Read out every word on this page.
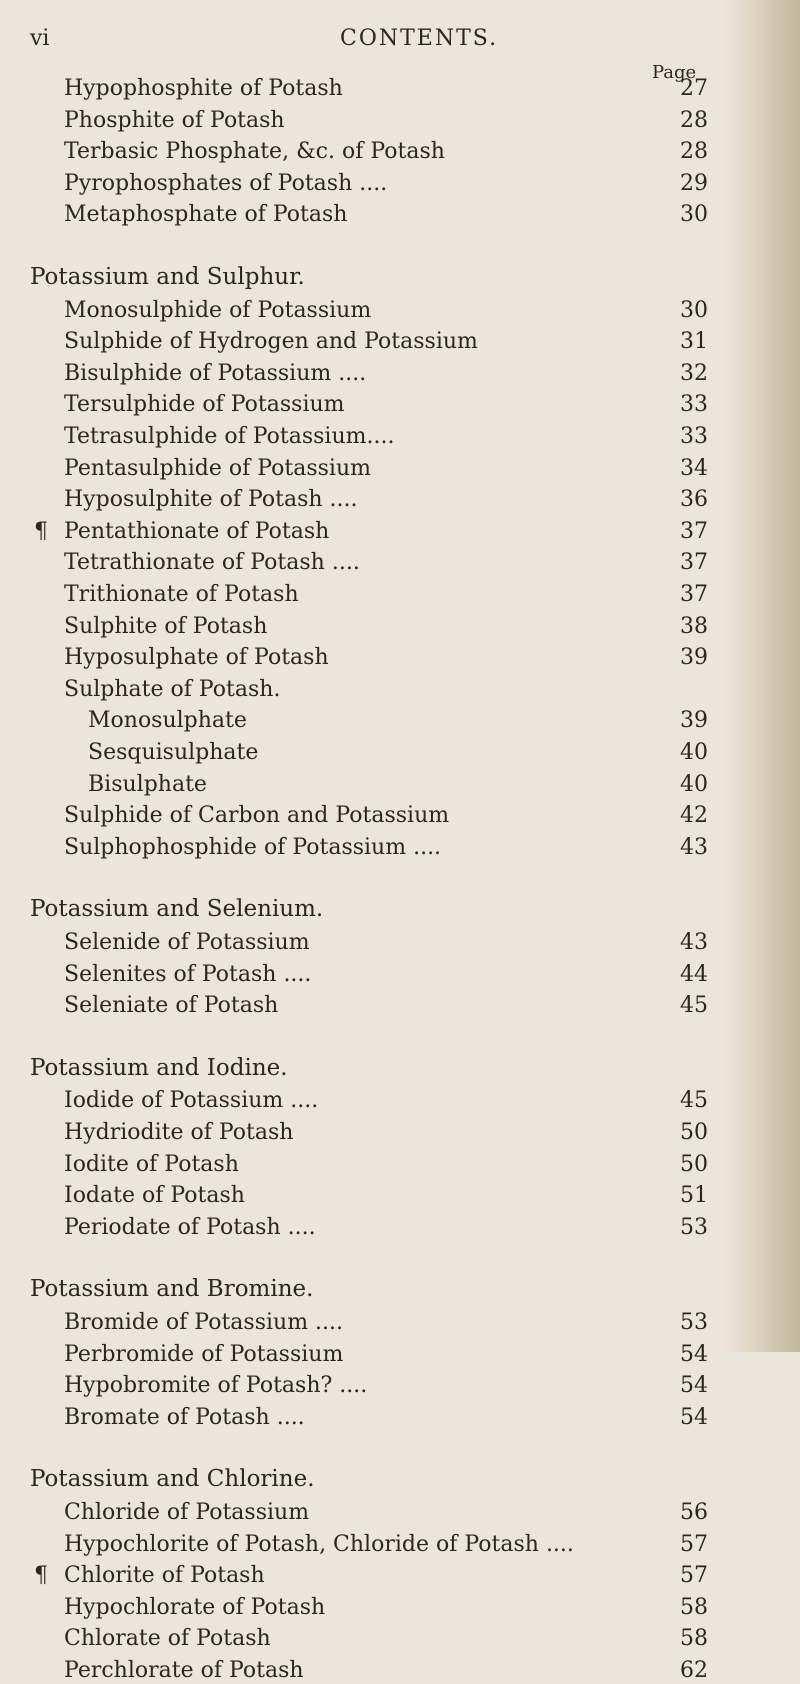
vi	CONTENTS.
Page
Hypophosphite of Potash	27
Phosphite of Potash	28
Terbasic Phosphate, &c. of Potash	28
Pyrophosphates of Potash ....	29
Metaphosphate of Potash	30
Potassium and Sulphur.
Monosulphide of Potassium	30
Sulphide of Hydrogen and Potassium	31
Bisulphide of Potassium ....	32
Tersulphide of Potassium	33
Tetrasulphide of Potassium....	33
Pentasulphide of Potassium	34
Hyposulphite of Potash ....	36
¶ Pentathionate of Potash	37
Tetrathionate of Potash ....	37
Trithionate of Potash	37
Sulphite of Potash	38
Hyposulphate of Potash	39
Sulphate of Potash.
Monosulphate	39
Sesquisulphate	40
Bisulphate	40
Sulphide of Carbon and Potassium	42
Sulphophosphide of Potassium ....	43
Potassium and Selenium.
Selenide of Potassium	43
Selenites of Potash ....	44
Seleniate of Potash	45
Potassium and Iodine.
Iodide of Potassium ....	45
Hydriodite of Potash	50
Iodite of Potash	50
Iodate of Potash	51
Periodate of Potash ....	53
Potassium and Bromine.
Bromide of Potassium ....	53
Perbromide of Potassium	54
Hypobromite of Potash? ....	54
Bromate of Potash ....	54
Potassium and Chlorine.
Chloride of Potassium	56
Hypochlorite of Potash, Chloride of Potash ....	57
¶ Chlorite of Potash	57
Hypochlorate of Potash	58
Chlorate of Potash	58
Perchlorate of Potash	62
